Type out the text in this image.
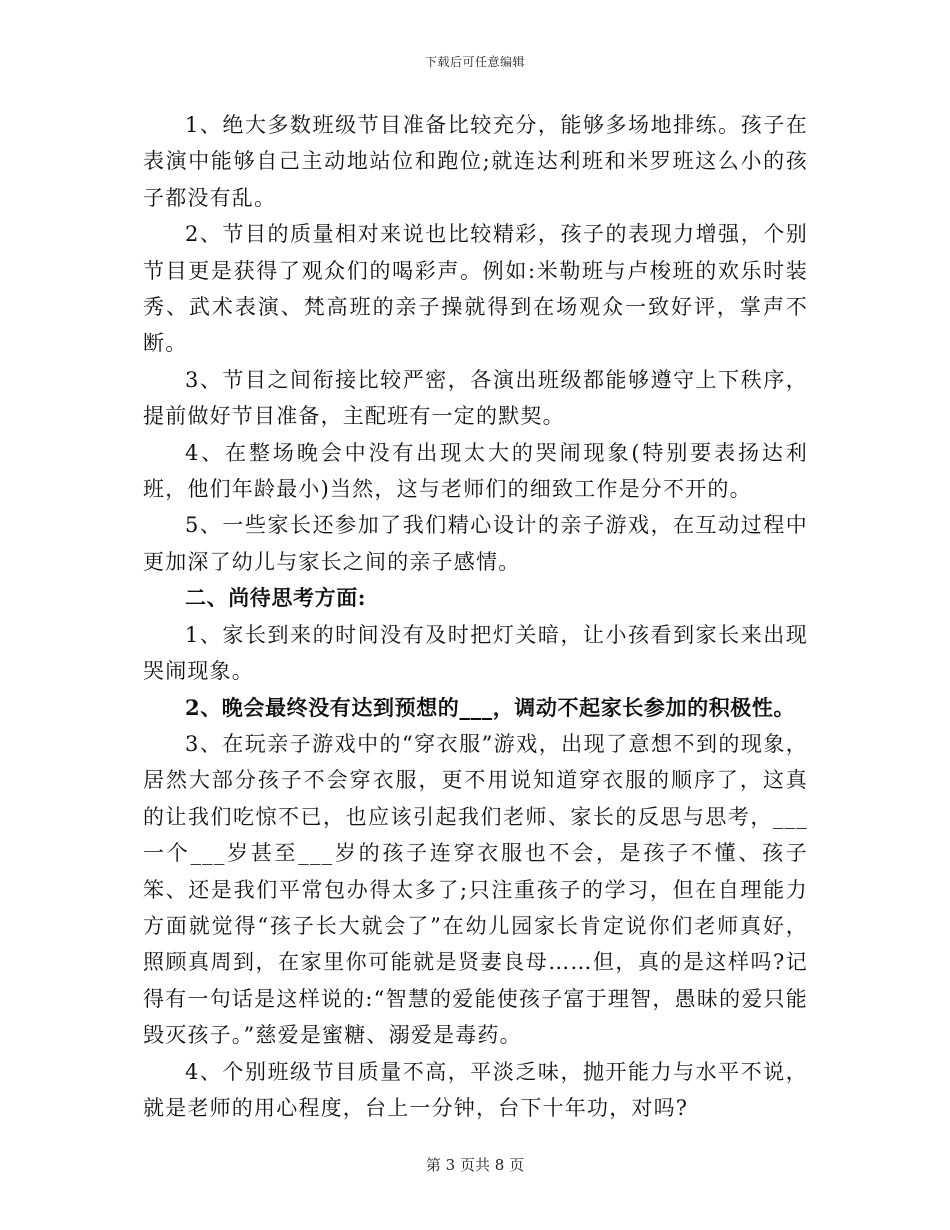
下载后可任意编辑

1、绝大多数班级节目准备比较充分，能够多场地排练。孩子在表演中能够自己主动地站位和跑位;就连达利班和米罗班这么小的孩子都没有乱。

2、节目的质量相对来说也比较精彩，孩子的表现力增强，个别节目更是获得了观众们的喝彩声。例如:米勒班与卢梭班的欢乐时装秀、武术表演、梵高班的亲子操就得到在场观众一致好评，掌声不断。

3、节目之间衔接比较严密，各演出班级都能够遵守上下秩序，提前做好节目准备，主配班有一定的默契。

4、在整场晚会中没有出现太大的哭闹现象(特别要表扬达利班，他们年龄最小)当然，这与老师们的细致工作是分不开的。

5、一些家长还参加了我们精心设计的亲子游戏，在互动过程中更加深了幼儿与家长之间的亲子感情。

二、尚待思考方面:

1、家长到来的时间没有及时把灯关暗，让小孩看到家长来出现哭闹现象。

2、晚会最终没有达到预想的___，调动不起家长参加的积极性。

3、在玩亲子游戏中的“穿衣服”游戏，出现了意想不到的现象，居然大部分孩子不会穿衣服，更不用说知道穿衣服的顺序了，这真的让我们吃惊不已，也应该引起我们老师、家长的反思与思考，___一个___岁甚至___岁的孩子连穿衣服也不会，是孩子不懂、孩子笨、还是我们平常包办得太多了;只注重孩子的学习，但在自理能力方面就觉得“孩子长大就会了”在幼儿园家长肯定说你们老师真好，照顾真周到，在家里你可能就是贤妻良母……但，真的是这样吗?记得有一句话是这样说的:“智慧的爱能使孩子富于理智，愚昧的爱只能毁灭孩子。”慈爱是蜜糖、溺爱是毒药。

4、个别班级节目质量不高，平淡乏味，抛开能力与水平不说，就是老师的用心程度，台上一分钟，台下十年功，对吗?

第 3 页共 8 页
